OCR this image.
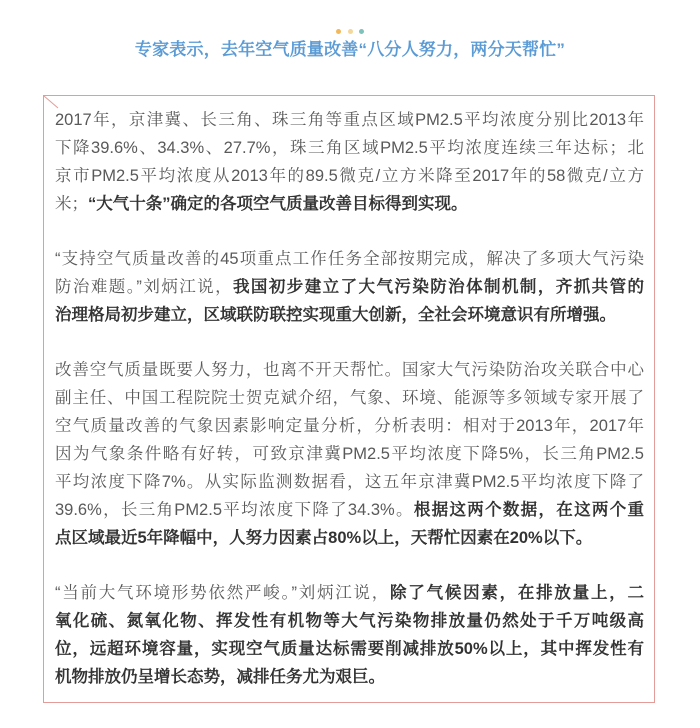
专家表示，去年空气质量改善“八分人努力，两分天帮忙”
2017年，京津冀、长三角、珠三角等重点区域PM2.5平均浓度分别比2013年
下降39.6%、34.3%、27.7%，珠三角区域PM2.5平均浓度连续三年达标；北
京市PM2.5平均浓度从2013年的89.5微克/立方米降至2017年的58微克/立方
米；“大气十条”确定的各项空气质量改善目标得到实现。
“支持空气质量改善的45项重点工作任务全部按期完成，解决了多项大气污染
防治难题。”刘炳江说，我国初步建立了大气污染防治体制机制，齐抓共管的
治理格局初步建立，区域联防联控实现重大创新，全社会环境意识有所增强。
改善空气质量既要人努力，也离不开天帮忙。国家大气污染防治攻关联合中心
副主任、中国工程院院士贺克斌介绍，气象、环境、能源等多领域专家开展了
空气质量改善的气象因素影响定量分析，分析表明：相对于2013年，2017年
因为气象条件略有好转，可致京津冀PM2.5平均浓度下降5%，长三角PM2.5
平均浓度下降7%。从实际监测数据看，这五年京津冀PM2.5平均浓度下降了
39.6%，长三角PM2.5平均浓度下降了34.3%。根据这两个数据，在这两个重
点区域最近5年降幅中，人努力因素占80%以上，天帮忙因素在20%以下。
“当前大气环境形势依然严峻。”刘炳江说，除了气候因素，在排放量上，二
氧化硫、氮氧化物、挥发性有机物等大气污染物排放量仍然处于千万吨级高
位，远超环境容量，实现空气质量达标需要削减排放50%以上，其中挥发性有
机物排放仍呈增长态势，减排任务尤为艰巨。
